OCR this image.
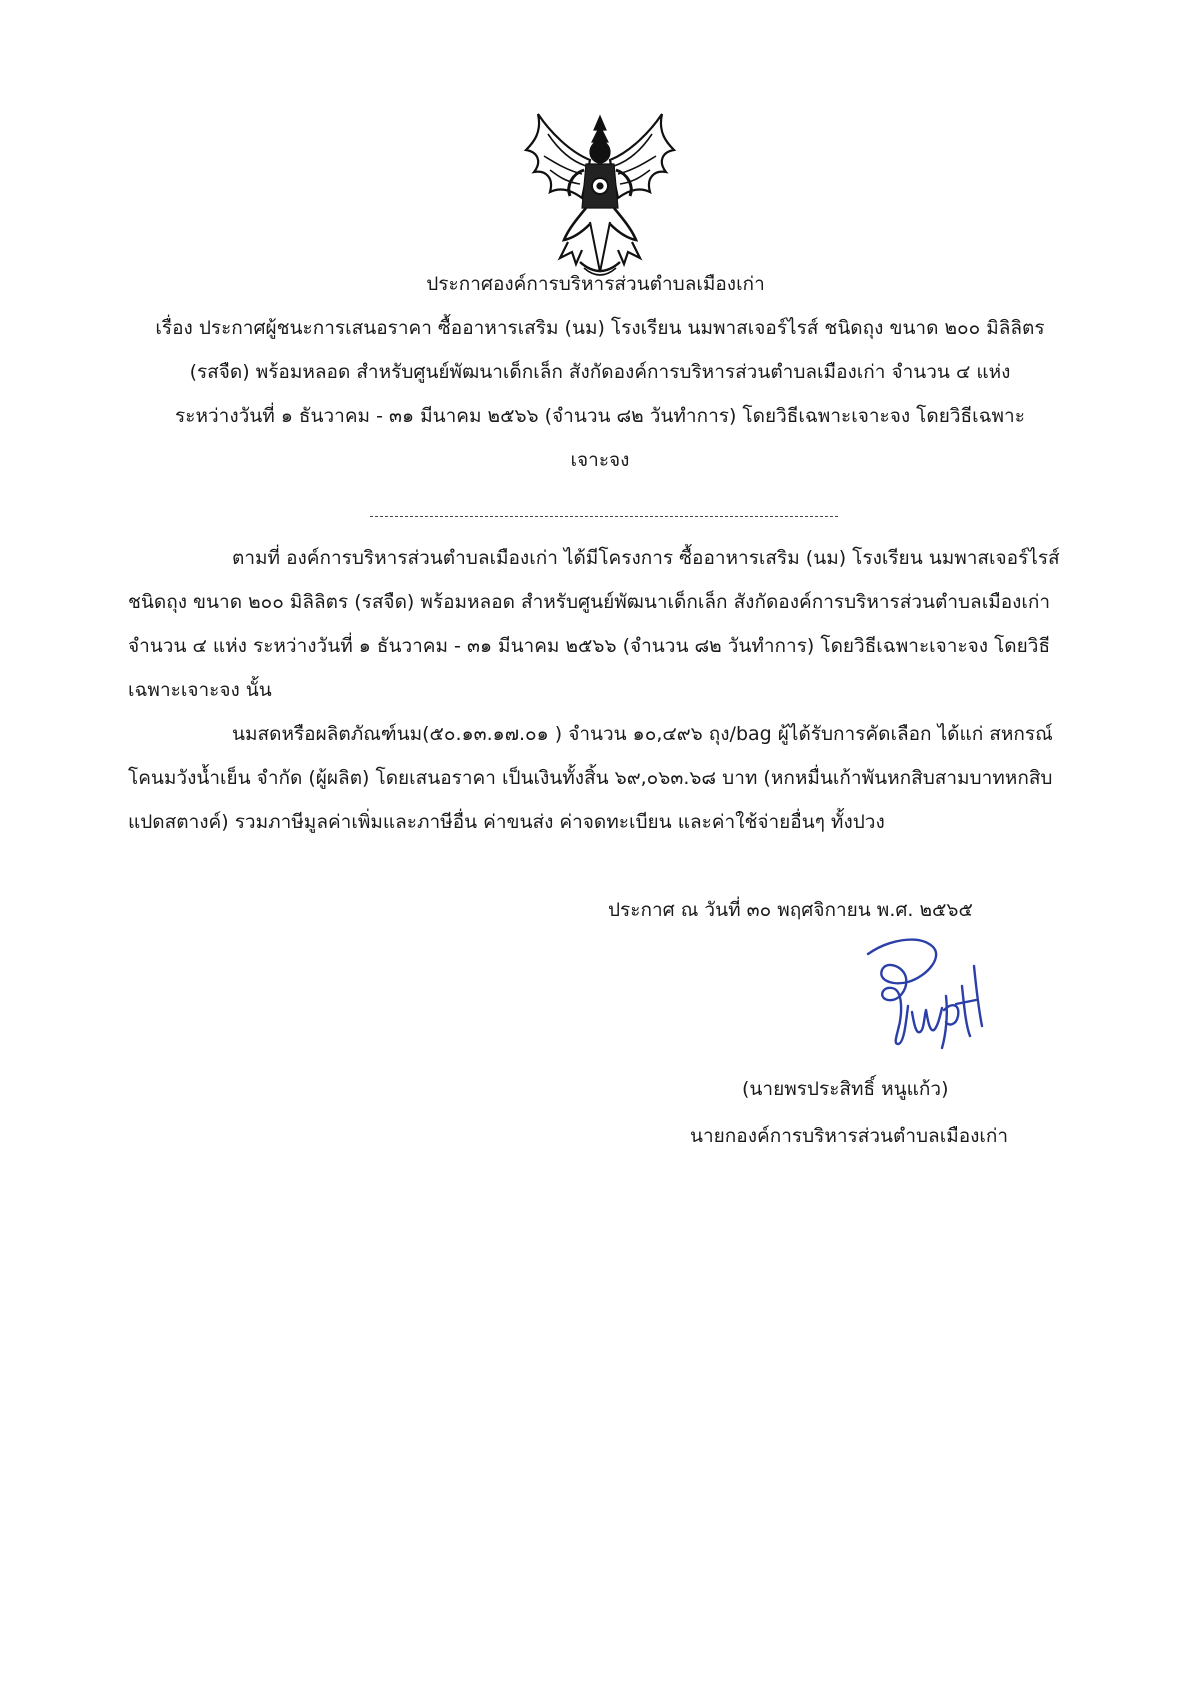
ประกาศองค์การบริหารส่วนตำบลเมืองเก่า
เรื่อง ประกาศผู้ชนะการเสนอราคา ซื้ออาหารเสริม (นม) โรงเรียน นมพาสเจอร์ไรส์ ชนิดถุง ขนาด ๒๐๐ มิลิลิตร
(รสจืด) พร้อมหลอด สำหรับศูนย์พัฒนาเด็กเล็ก สังกัดองค์การบริหารส่วนตำบลเมืองเก่า จำนวน ๔ แห่ง
ระหว่างวันที่ ๑ ธันวาคม - ๓๑ มีนาคม ๒๕๖๖ (จำนวน ๘๒ วันทำการ) โดยวิธีเฉพาะเจาะจง โดยวิธีเฉพาะ
เจาะจง
ตามที่ องค์การบริหารส่วนตำบลเมืองเก่า ได้มีโครงการ ซื้ออาหารเสริม (นม) โรงเรียน นมพาสเจอร์ไรส์
ชนิดถุง ขนาด ๒๐๐ มิลิลิตร (รสจืด) พร้อมหลอด สำหรับศูนย์พัฒนาเด็กเล็ก สังกัดองค์การบริหารส่วนตำบลเมืองเก่า
จำนวน ๔ แห่ง ระหว่างวันที่ ๑ ธันวาคม - ๓๑ มีนาคม ๒๕๖๖ (จำนวน ๘๒ วันทำการ) โดยวิธีเฉพาะเจาะจง โดยวิธี
เฉพาะเจาะจง นั้น
นมสดหรือผลิตภัณฑ์นม(๕๐.๑๓.๑๗.๐๑ ) จำนวน ๑๐,๔๙๖ ถุง/bag ผู้ได้รับการคัดเลือก ได้แก่ สหกรณ์
โคนมวังน้ำเย็น จำกัด (ผู้ผลิต) โดยเสนอราคา เป็นเงินทั้งสิ้น ๖๙,๐๖๓.๖๘ บาท (หกหมื่นเก้าพันหกสิบสามบาทหกสิบ
แปดสตางค์) รวมภาษีมูลค่าเพิ่มและภาษีอื่น ค่าขนส่ง ค่าจดทะเบียน และค่าใช้จ่ายอื่นๆ ทั้งปวง
ประกาศ ณ วันที่ ๓๐ พฤศจิกายน พ.ศ. ๒๕๖๕
(นายพรประสิทธิ์ หนูแก้ว)
นายกองค์การบริหารส่วนตำบลเมืองเก่า
